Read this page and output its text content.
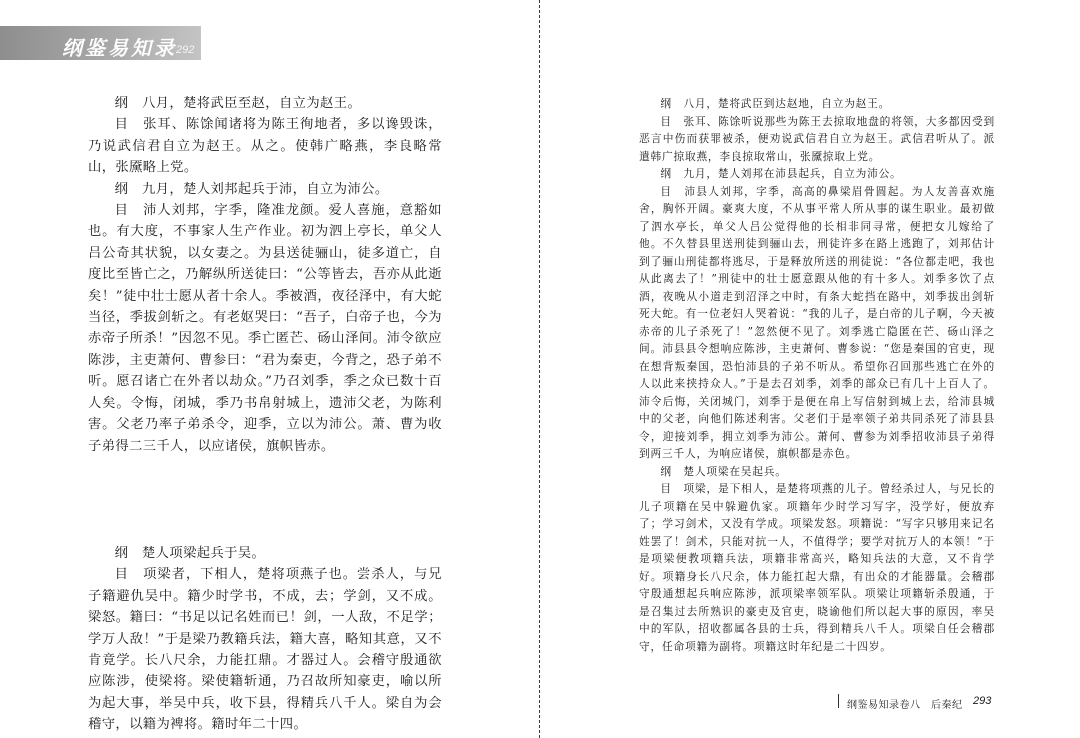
纲鉴易知录 292

纲　八月，楚将武臣至赵，自立为赵王。

目　张耳、陈馀闻诸将为陈王徇地者，多以谗毁诛，乃说武信君自立为赵王。从之。使韩广略燕，李良略常山，张黡略上党。

纲　九月，楚人刘邦起兵于沛，自立为沛公。

目　沛人刘邦，字季，隆准龙颜。爱人喜施，意豁如也。有大度，不事家人生产作业。初为泗上亭长，单父人吕公奇其状貌，以女妻之。为县送徒骊山，徒多道亡，自度比至皆亡之，乃解纵所送徒曰：“公等皆去，吾亦从此逝矣！”徒中壮士愿从者十余人。季被酒，夜径泽中，有大蛇当径，季拔剑斩之。有老妪哭曰：“吾子，白帝子也，今为赤帝子所杀！”因忽不见。季亡匿芒、砀山泽间。沛令欲应陈涉，主吏萧何、曹参曰：“君为秦吏，今背之，恐子弟不听。愿召诸亡在外者以劫众。”乃召刘季，季之众已数十百人矣。令悔，闭城，季乃书帛射城上，遗沛父老，为陈利害。父老乃率子弟杀令，迎季，立以为沛公。萧、曹为收子弟得二三千人，以应诸侯，旗帜皆赤。

纲　楚人项梁起兵于吴。

目　项梁者，下相人，楚将项燕子也。尝杀人，与兄子籍避仇吴中。籍少时学书，不成，去；学剑，又不成。梁怒。籍曰：“书足以记名姓而已！剑，一人敌，不足学；学万人敌！”于是梁乃教籍兵法，籍大喜，略知其意，又不肯竟学。长八尺余，力能扛鼎。才器过人。会稽守殷通欲应陈涉，使梁将。梁使籍斩通，乃召故所知豪吏，喻以所为起大事，举吴中兵，收下县，得精兵八千人。梁自为会稽守，以籍为裨将。籍时年二十四。

纲　八月，楚将武臣到达赵地，自立为赵王。

目　张耳、陈馀听说那些为陈王去掠取地盘的将领，大多都因受到恶言中伤而获罪被杀，便劝说武信君自立为赵王。武信君听从了。派遣韩广掠取燕，李良掠取常山，张黡掠取上党。

纲　九月，楚人刘邦在沛县起兵，自立为沛公。

目　沛县人刘邦，字季，高高的鼻梁眉骨圆起。为人友善喜欢施舍，胸怀开阔。豪爽大度，不从事平常人所从事的谋生职业。最初做了泗水亭长，单父人吕公觉得他的长相非同寻常，便把女儿嫁给了他。不久替县里送刑徒到骊山去，刑徒许多在路上逃跑了，刘邦估计到了骊山刑徒都将逃尽，于是释放所送的刑徒说：“各位都走吧，我也从此离去了！”刑徒中的壮士愿意跟从他的有十多人。刘季多饮了点酒，夜晚从小道走到沼泽之中时，有条大蛇挡在路中，刘季拔出剑斩死大蛇。有一位老妇人哭着说：“我的儿子，是白帝的儿子啊，今天被赤帝的儿子杀死了！”忽然便不见了。刘季逃亡隐匿在芒、砀山泽之间。沛县县令想响应陈涉，主吏萧何、曹参说：“您是秦国的官吏，现在想背叛秦国，恐怕沛县的子弟不听从。希望你召回那些逃亡在外的人以此来挟持众人。”于是去召刘季，刘季的部众已有几十上百人了。沛令后悔，关闭城门，刘季于是便在帛上写信射到城上去，给沛县城中的父老，向他们陈述利害。父老们于是率领子弟共同杀死了沛县县令，迎接刘季，拥立刘季为沛公。萧何、曹参为刘季招收沛县子弟得到两三千人，为响应诸侯，旗帜都是赤色。

纲　楚人项梁在吴起兵。

目　项梁，是下相人，是楚将项燕的儿子。曾经杀过人，与兄长的儿子项籍在吴中躲避仇家。项籍年少时学习写字，没学好，便放弃了；学习剑术，又没有学成。项梁发怒。项籍说：“写字只够用来记名姓罢了！剑术，只能对抗一人，不值得学；要学对抗万人的本领！”于是项梁便教项籍兵法，项籍非常高兴，略知兵法的大意，又不肯学好。项籍身长八尺余，体力能扛起大鼎，有出众的才能器量。会稽郡守殷通想起兵响应陈涉，派项梁率领军队。项梁让项籍斩杀殷通，于是召集过去所熟识的豪吏及官吏，晓谕他们所以起大事的原因，率吴中的军队，招收都属各县的士兵，得到精兵八千人。项梁自任会稽郡守，任命项籍为副将。项籍这时年纪是二十四岁。

纲鉴易知录卷八　后秦纪 293
